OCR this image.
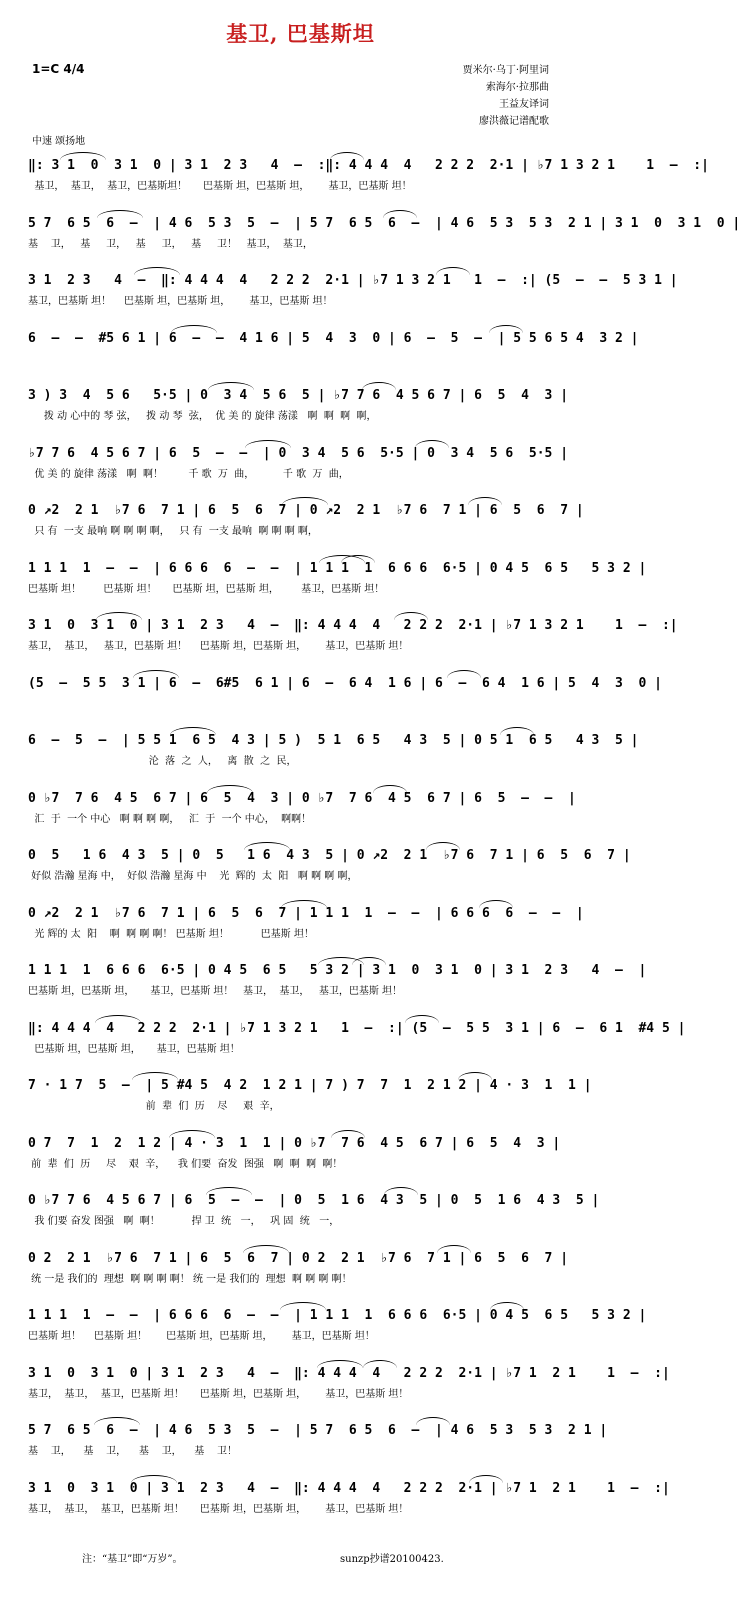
基卫, 巴基斯坦
1=C 4/4	贾米尔·乌丁·阿里词
索海尔·拉那曲
王益友译词
廖洪薇记谱配歌
中速 颂扬地
‖: 3 1  0  3 1  0 | 3 1  2 3   4  –  :‖: 4 4 4  4   2 2 2  2·1 | ♭7 1 3 2 1    1  –  :|
基卫，  基卫，  基卫，巴基斯坦！     巴基斯 坦，巴基斯 坦，      基卫，巴基斯 坦！
5 7  6 5  6  –  | 4 6  5 3  5  –  | 5 7  6 5  6  –  | 4 6  5 3  5 3  2 1 | 3 1  0  3 1  0 |
基    卫，   基     卫，   基     卫，   基     卫！   基卫，  基卫，
3 1  2 3   4  –  ‖: 4 4 4  4   2 2 2  2·1 | ♭7 1 3 2 1   1  –  :| (5  –  –  5 3 1 |
基卫，巴基斯 坦！    巴基斯 坦，巴基斯 坦，      基卫，巴基斯 坦！
6  –  –  #5 6 1 | 6  –  –  4 1 6 | 5  4  3  0 | 6  –  5  –  | 5 5 6 5 4  3 2 |
3 ) 3  4  5 6   5·5 | 0  3 4  5 6  5 | ♭7 7 6  4 5 6 7 | 6  5  4  3 |
拨 动 心中的 琴 弦，   拨 动 琴  弦，  优 美 的 旋律 荡漾   啊  啊  啊  啊，
♭7 7 6  4 5 6 7 | 6  5  –  –  | 0  3 4  5 6  5·5 | 0  3 4  5 6  5·5 |
优 美 的 旋律 荡漾   啊  啊！        千 歌  万  曲，         千 歌  万  曲，
0 ↗2  2 1  ♭7 6  7 1 | 6  5  6  7 | 0 ↗2  2 1  ♭7 6  7 1 | 6  5  6  7 |
只 有  一支 最响 啊 啊 啊 啊，   只 有  一支 最响  啊 啊 啊 啊，
1 1 1  1  –  –  | 6 6 6  6  –  –  | 1 1 1  1  6 6 6  6·5 | 0 4 5  6 5   5 3 2 |
巴基斯 坦！       巴基斯 坦！     巴基斯 坦，巴基斯 坦，       基卫，巴基斯 坦！
3 1  0  3 1  0 | 3 1  2 3   4  –  ‖: 4 4 4  4   2 2 2  2·1 | ♭7 1 3 2 1    1  –  :|
基卫，  基卫，   基卫，巴基斯 坦！    巴基斯 坦，巴基斯 坦，      基卫，巴基斯 坦！
(5  –  5 5  3 1 | 6  –  6#5  6 1 | 6  –  6 4  1 6 | 6  –  6 4  1 6 | 5  4  3  0 |
6  –  5  –  | 5 5 1  6 5  4 3 | 5 )  5 1  6 5   4 3  5 | 0 5 1  6 5   4 3  5 |
沦  落  之  人，   离  散  之  民，
0 ♭7  7 6  4 5  6 7 | 6  5  4  3 | 0 ♭7  7 6  4 5  6 7 | 6  5  –  –  |
汇  于  一个 中心   啊 啊 啊 啊，   汇  于  一个 中心，  啊啊！
0  5   1 6  4 3  5 | 0  5   1 6  4 3  5 | 0 ↗2  2 1  ♭7 6  7 1 | 6  5  6  7 |
好似 浩瀚 星海 中，  好似 浩瀚 星海 中    光  辉的  太  阳   啊 啊 啊 啊，
0 ↗2  2 1  ♭7 6  7 1 | 6  5  6  7 | 1 1 1  1  –  –  | 6 6 6  6  –  –  |
光 辉的 太  阳    啊  啊 啊 啊！ 巴基斯 坦！          巴基斯 坦！
1 1 1  1  6 6 6  6·5 | 0 4 5  6 5   5 3 2 | 3 1  0  3 1  0 | 3 1  2 3   4  –  |
巴基斯 坦，巴基斯 坦，     基卫，巴基斯 坦！   基卫，  基卫，   基卫，巴基斯 坦！
‖: 4 4 4  4   2 2 2  2·1 | ♭7 1 3 2 1   1  –  :| (5  –  5 5  3 1 | 6  –  6 1  #4 5 |
巴基斯 坦，巴基斯 坦，     基卫，巴基斯 坦！
7 · 1 7  5  –  | 5 #4 5  4 2  1 2 1 | 7 ) 7  7  1  2 1 2 | 4 · 3  1  1 |
前  辈  们  历    尽     艰  辛，
0 7  7  1  2  1 2 | 4 · 3  1  1 | 0 ♭7  7 6  4 5  6 7 | 6  5  4  3 |
前  辈  们  历     尽    艰  辛，    我 们要  奋发  图强   啊  啊  啊  啊！
0 ♭7 7 6  4 5 6 7 | 6  5  –  –  | 0  5  1 6  4 3  5 | 0  5  1 6  4 3  5 |
我 们要 奋发 图强   啊  啊！          捍 卫  统   一，   巩 固  统   一，
0 2  2 1  ♭7 6  7 1 | 6  5  6  7 | 0 2  2 1  ♭7 6  7 1 | 6  5  6  7 |
统 一是 我们的  理想  啊 啊 啊 啊！ 统 一是 我们的  理想  啊 啊 啊 啊！
1 1 1  1  –  –  | 6 6 6  6  –  –  | 1 1 1  1  6 6 6  6·5 | 0 4 5  6 5   5 3 2 |
巴基斯 坦！    巴基斯 坦！      巴基斯 坦，巴基斯 坦，      基卫，巴基斯 坦！
3 1  0  3 1  0 | 3 1  2 3   4  –  ‖: 4 4 4  4   2 2 2  2·1 | ♭7 1  2 1    1  –  :|
基卫，  基卫，  基卫，巴基斯 坦！     巴基斯 坦，巴基斯 坦，      基卫，巴基斯 坦！
5 7  6 5  6  –  | 4 6  5 3  5  –  | 5 7  6 5  6  –  | 4 6  5 3  5 3  2 1 |
基    卫，    基    卫，    基    卫，    基    卫！
3 1  0  3 1  0 | 3 1  2 3   4  –  ‖: 4 4 4  4   2 2 2  2·1 | ♭7 1  2 1    1  –  :|
基卫，  基卫，  基卫，巴基斯 坦！     巴基斯 坦，巴基斯 坦，      基卫，巴基斯 坦！
注：“基卫”即“万岁”。	sunzp抄谱20100423.
